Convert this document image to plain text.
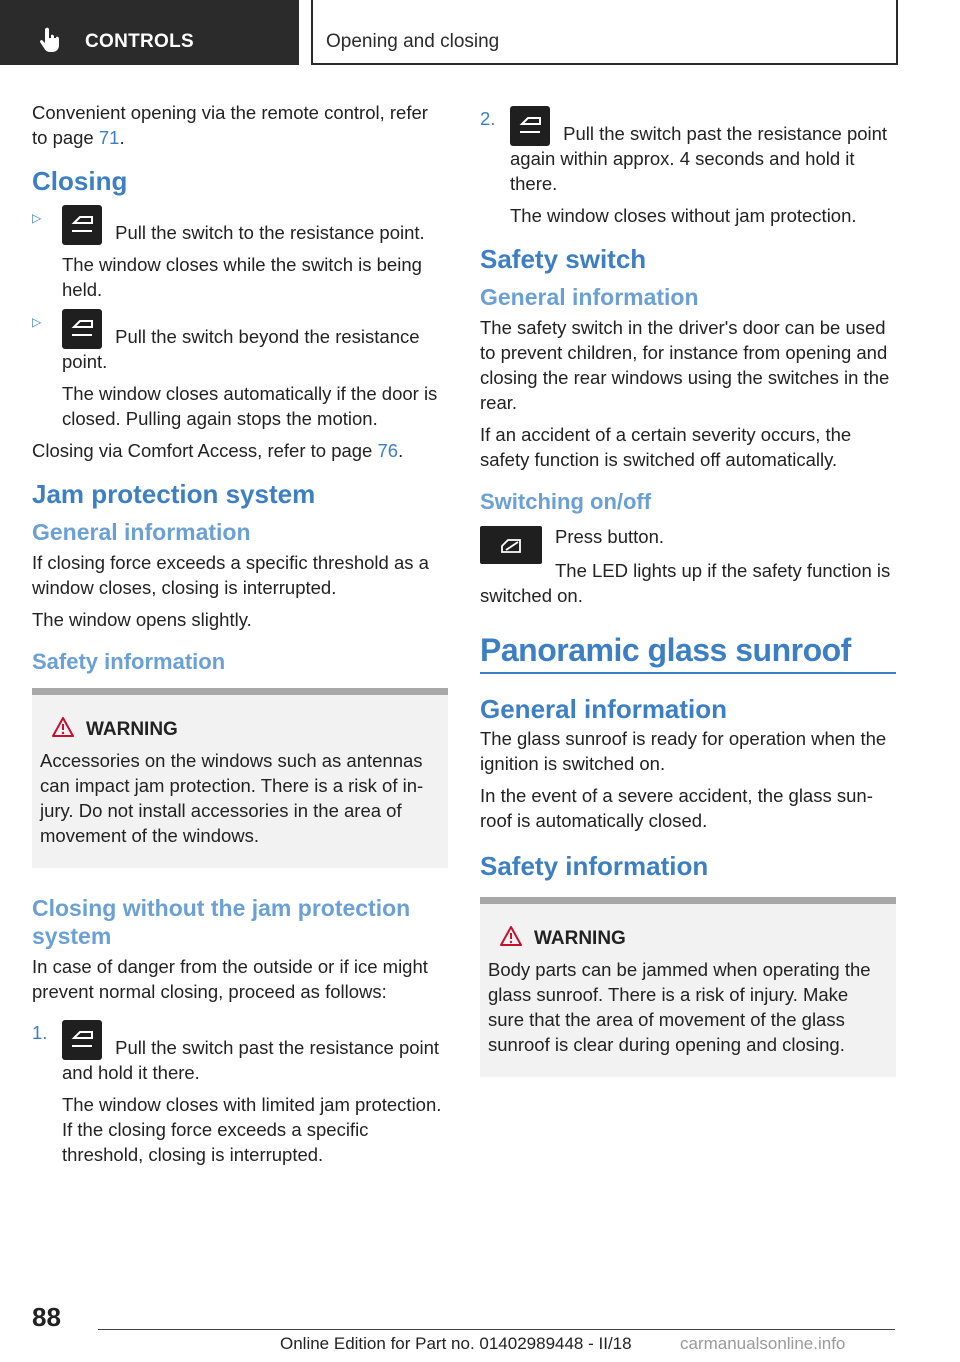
CONTROLS	Opening and closing

Convenient opening via the remote control, refer to page 71.

Closing
▷
Pull the switch to the resistance point.
The window closes while the switch is being held.
▷
Pull the switch beyond the resistance point.
The window closes automatically if the door is closed. Pulling again stops the motion.

Closing via Comfort Access, refer to page 76.

Jam protection system
General information

If closing force exceeds a specific threshold as a window closes, closing is interrupted.

The window opens slightly.

Safety information
WARNING
Accessories on the windows such as antennas can impact jam protection. There is a risk of injury. Do not install accessories in the area of movement of the windows.
Closing without the jam protection system

In case of danger from the outside or if ice might prevent normal closing, proceed as follows:

1.
Pull the switch past the resistance point and hold it there.
The window closes with limited jam protection. If the closing force exceeds a specific threshold, closing is interrupted.
2.
Pull the switch past the resistance point again within approx. 4 seconds and hold it there.
The window closes without jam protection.
Safety switch
General information

The safety switch in the driver's door can be used to prevent children, for instance from opening and closing the rear windows using the switches in the rear.

If an accident of a certain severity occurs, the safety function is switched off automatically.

Switching on/off

Press button.

The LED lights up if the safety function is switched on.

Panoramic glass sunroof
General information

The glass sunroof is ready for operation when the ignition is switched on.

In the event of a severe accident, the glass sunroof is automatically closed.

Safety information
WARNING
Body parts can be jammed when operating the glass sunroof. There is a risk of injury. Make sure that the area of movement of the glass sunroof is clear during opening and closing.
88
Online Edition for Part no. 01402989448 - II/18	carmanualsonline.info
